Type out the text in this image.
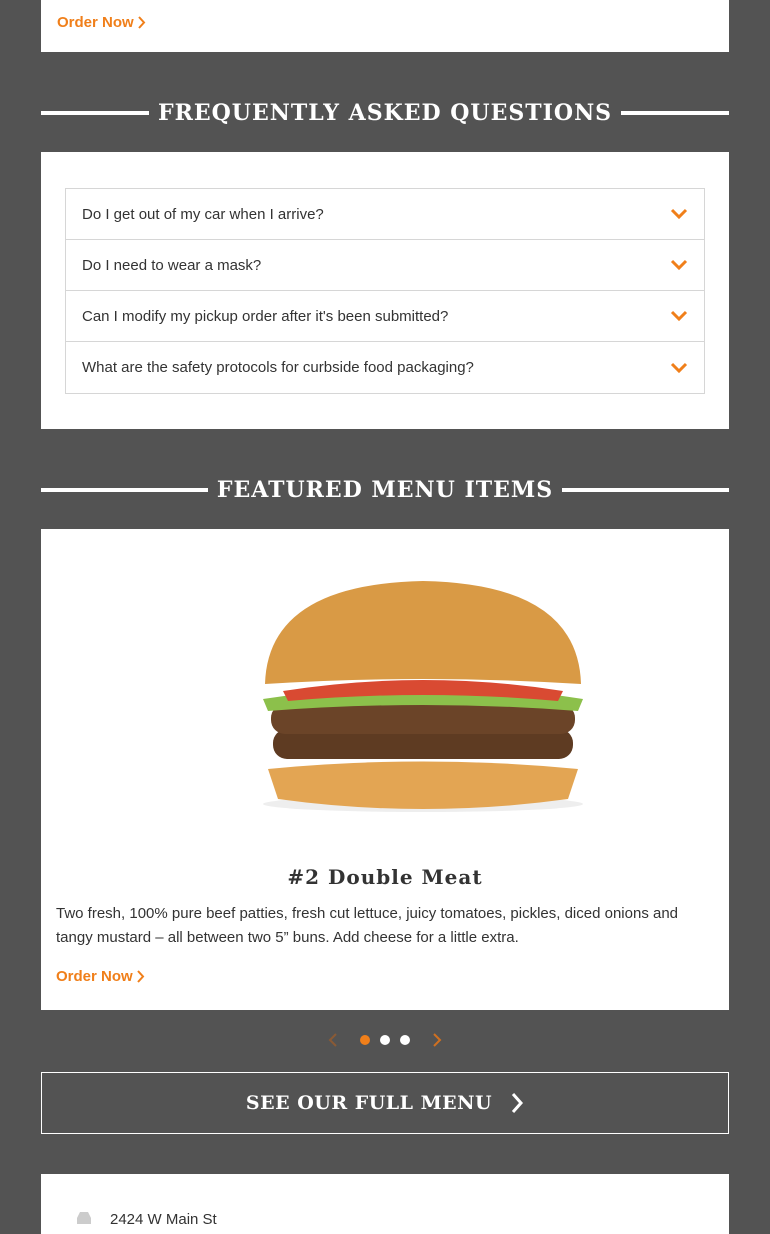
Order Now
FREQUENTLY ASKED QUESTIONS
Do I get out of my car when I arrive?
Do I need to wear a mask?
Can I modify my pickup order after it's been submitted?
What are the safety protocols for curbside food packaging?
FEATURED MENU ITEMS
#2 Double Meat
Two fresh, 100% pure beef patties, fresh cut lettuce, juicy tomatoes, pickles, diced onions and tangy mustard – all between two 5” buns. Add cheese for a little extra.
Order Now
SEE OUR FULL MENU
2424 W Main St
